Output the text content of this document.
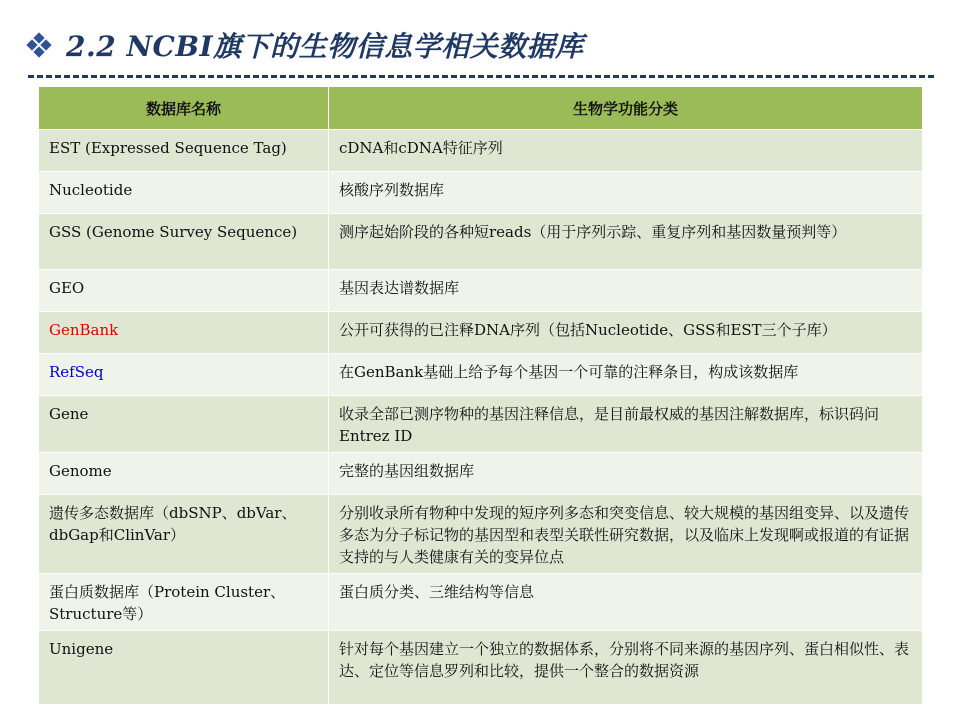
2.2 NCBI旗下的生物信息学相关数据库
数据库名称	生物学功能分类
EST (Expressed Sequence Tag)	cDNA和cDNA特征序列
Nucleotide	核酸序列数据库
GSS (Genome Survey Sequence)	测序起始阶段的各种短reads（用于序列示踪、重复序列和基因数量预判等）
GEO	基因表达谱数据库
GenBank	公开可获得的已注释DNA序列（包括Nucleotide、GSS和EST三个子库）
RefSeq	在GenBank基础上给予每个基因一个可靠的注释条目，构成该数据库
Gene	收录全部已测序物种的基因注释信息，是目前最权威的基因注解数据库，标识码问Entrez ID
Genome	完整的基因组数据库
遗传多态数据库（dbSNP、dbVar、dbGap和ClinVar）	分别收录所有物种中发现的短序列多态和突变信息、较大规模的基因组变异、以及遗传多态为分子标记物的基因型和表型关联性研究数据，以及临床上发现啊或报道的有证据支持的与人类健康有关的变异位点
蛋白质数据库（Protein Cluster、Structure等）	蛋白质分类、三维结构等信息
Unigene	针对每个基因建立一个独立的数据体系，分别将不同来源的基因序列、蛋白相似性、表达、定位等信息罗列和比较，提供一个整合的数据资源
